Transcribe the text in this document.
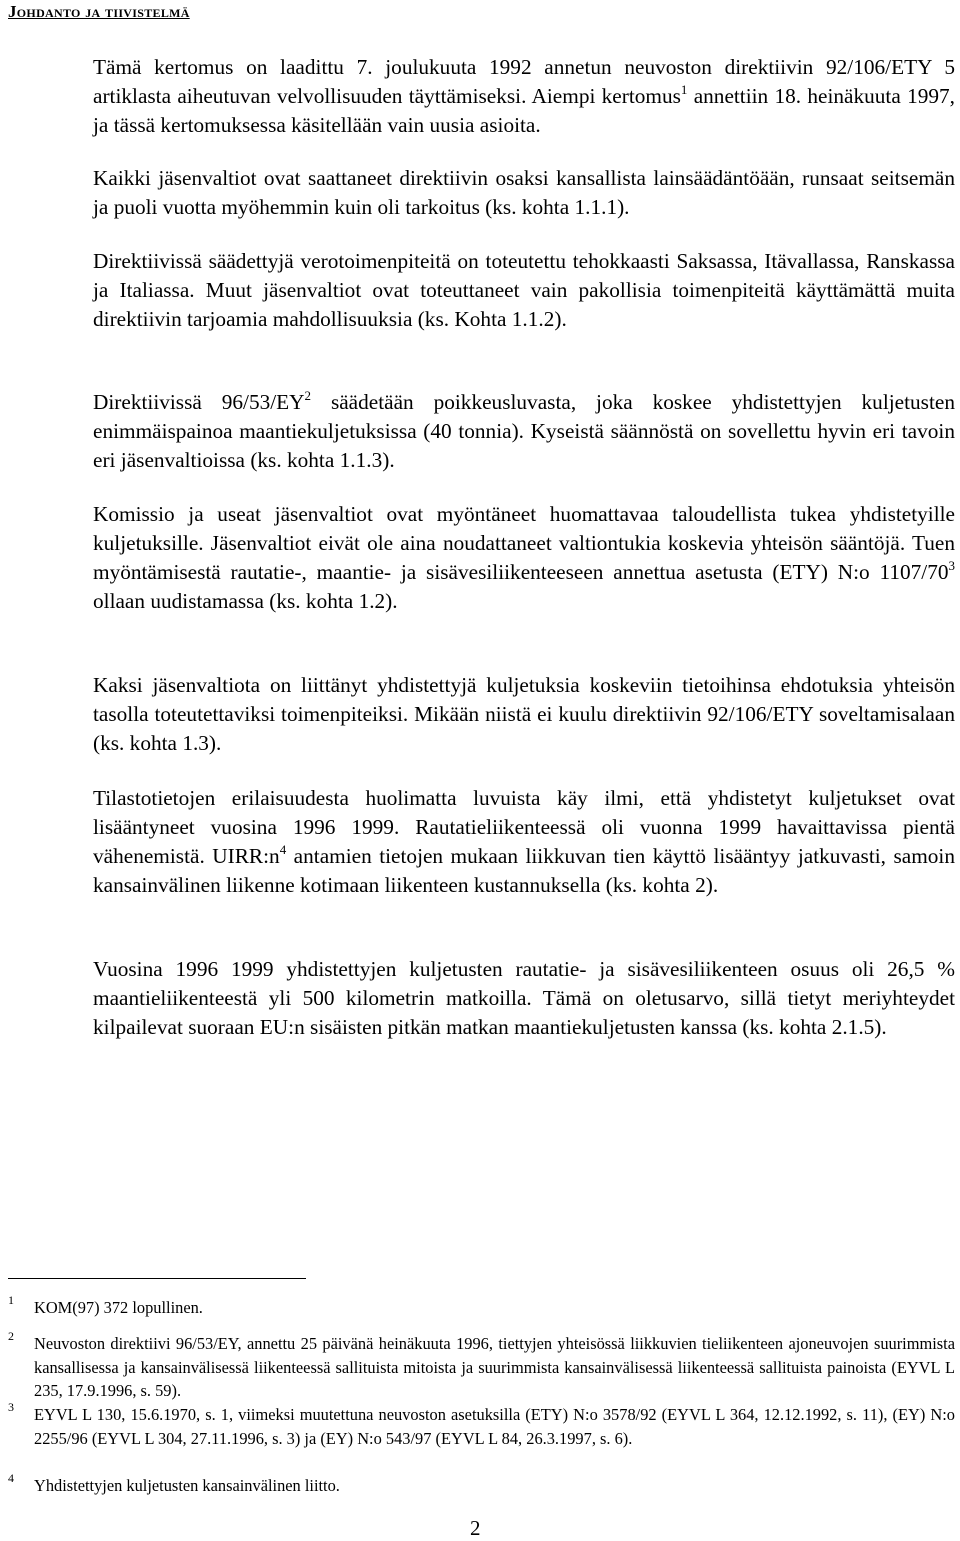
Johdanto ja tiivistelmä

Tämä kertomus on laadittu 7. joulukuuta 1992 annetun neuvoston direktiivin 92/106/ETY 5 artiklasta aiheutuvan velvollisuuden täyttämiseksi. Aiempi kertomus$^1$ annettiin 18. heinäkuuta 1997, ja tässä kertomuksessa käsitellään vain uusia asioita.

Kaikki jäsenvaltiot ovat saattaneet direktiivin osaksi kansallista lainsäädäntöään, runsaat seitsemän ja puoli vuotta myöhemmin kuin oli tarkoitus (ks. kohta 1.1.1).

Direktiivissä säädettyjä verotoimenpiteitä on toteutettu tehokkaasti Saksassa, Itävallassa, Ranskassa ja Italiassa. Muut jäsenvaltiot ovat toteuttaneet vain pakollisia toimenpiteitä käyttämättä muita direktiivin tarjoamia mahdollisuuksia (ks. Kohta 1.1.2).

Direktiivissä $96/53/EY^2$ säädetään poikkeusluvasta, joka koskee yhdistettyjen kuljetusten enimmäispainoa maantiekuljetuksissa (40 tonnia). Kyseistä säännöstä on sovellettu hyvin eri tavoin eri jäsenvaltioissa (ks. kohta 1.1.3).

Komissio ja useat jäsenvaltiot ovat myöntäneet huomattavaa taloudellista tukea yhdistetyille kuljetuksille. Jäsenvaltiot eivät ole aina noudattaneet valtiontukia koskevia yhteisön sääntöjä. Tuen myöntämisestä rautatie-, maantie- ja sisävesiliikenteeseen annettua asetusta (ETY) N:o $1107/70^3$ ollaan uudistamassa (ks. kohta 1.2).

Kaksi jäsenvaltiota on liittänyt yhdistettyjä kuljetuksia koskeviin tietoihinsa ehdotuksia yhteisön tasolla toteutettaviksi toimenpiteiksi. Mikään niistä ei kuulu direktiivin 92/106/ETY soveltamisalaan (ks. kohta 1.3).

Tilastotietojen erilaisuudesta huolimatta luvuista käy ilmi, että yhdistetyt kuljetukset ovat lisääntyneet vuosina 1996 1999. Rautatieliikenteessä oli vuonna 1999 havaittavissa pientä vähenemistä. $UIRR:n^4$ antamien tietojen mukaan liikkuvan tien käyttö lisääntyy jatkuvasti, samoin kansainvälinen liikenne kotimaan liikenteen kustannuksella (ks. kohta 2).

Vuosina 1996 1999 yhdistettyjen kuljetusten rautatie- ja sisävesiliikenteen osuus oli 26,5 % maantieliikenteestä yli 500 kilometrin matkoilla. Tämä on oletusarvo, sillä tietyt meriyhteydet kilpailevat suoraan EU:n sisäisten pitkän matkan maantiekuljetusten kanssa (ks. kohta 2.1.5).

1 KOM(97) 372 lopullinen.
2 Neuvoston direktiivi 96/53/EY, annettu 25 päivänä heinäkuuta 1996, tiettyjen yhteisössä liikkuvien tieliikenteen ajoneuvojen suurimmista kansallisessa ja kansainvälisessä liikenteessä sallituista mitoista ja suurimmista kansainvälisessä liikenteessä sallituista painoista (EYVL L 235, 17.9.1996, s. 59).
3 EYVL L 130, 15.6.1970, s. 1, viimeksi muutettuna neuvoston asetuksilla (ETY) N:o 3578/92 (EYVL L 364, 12.12.1992, s. 11), (EY) N:o 2255/96 (EYVL L 304, 27.11.1996, s. 3) ja (EY) N:o 543/97 (EYVL L 84, 26.3.1997, s. 6).
4 Yhdistettyjen kuljetusten kansainvälinen liitto.
2
